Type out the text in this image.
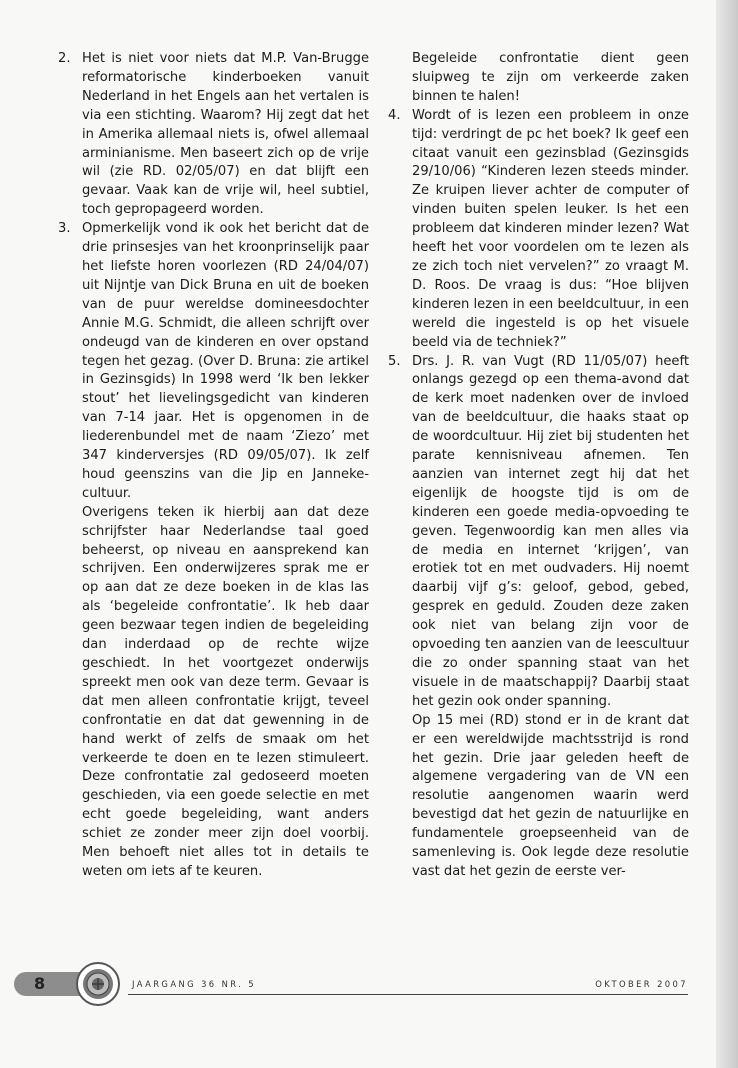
2. Het is niet voor niets dat M.P. Van-Brugge reformatorische kinderboeken vanuit Nederland in het Engels aan het vertalen is via een stichting. Waarom? Hij zegt dat het in Amerika allemaal niets is, ofwel allemaal arminianisme. Men baseert zich op de vrije wil (zie RD. 02/05/07) en dat blijft een gevaar. Vaak kan de vrije wil, heel subtiel, toch gepropageerd worden.

3. Opmerkelijk vond ik ook het bericht dat de drie prinsesjes van het kroonprinselijk paar het liefste horen voorlezen (RD 24/04/07) uit Nijntje van Dick Bruna en uit de boeken van de puur wereldse domineesdochter Annie M.G. Schmidt, die alleen schrijft over ondeugd van de kinderen en over opstand tegen het gezag. (Over D. Bruna: zie artikel in Gezinsgids) In 1998 werd ‘Ik ben lekker stout’ het lievelingsgedicht van kinderen van 7-14 jaar. Het is opgenomen in de liederenbundel met de naam ‘Ziezo’ met 347 kinderversjes (RD 09/05/07). Ik zelf houd geenszins van die Jip en Janneke-cultuur.

Overigens teken ik hierbij aan dat deze schrijfster haar Nederlandse taal goed beheerst, op niveau en aansprekend kan schrijven. Een onderwijzeres sprak me er op aan dat ze deze boeken in de klas las als ‘begeleide confrontatie’. Ik heb daar geen bezwaar tegen indien de begeleiding dan inderdaad op de rechte wijze geschiedt. In het voortgezet onderwijs spreekt men ook van deze term. Gevaar is dat men alleen confrontatie krijgt, teveel confrontatie en dat dat gewenning in de hand werkt of zelfs de smaak om het verkeerde te doen en te lezen stimuleert. Deze confrontatie zal gedoseerd moeten geschieden, via een goede selectie en met echt goede begeleiding, want anders schiet ze zonder meer zijn doel voorbij. Men behoeft niet alles tot in details te weten om iets af te keuren.

Begeleide confrontatie dient geen sluipweg te zijn om verkeerde zaken binnen te halen!

4. Wordt of is lezen een probleem in onze tijd: verdringt de pc het boek? Ik geef een citaat vanuit een gezinsblad (Gezinsgids 29/10/06) “Kinderen lezen steeds minder. Ze kruipen liever achter de computer of vinden buiten spelen leuker. Is het een probleem dat kinderen minder lezen? Wat heeft het voor voordelen om te lezen als ze zich toch niet vervelen?” zo vraagt M. D. Roos. De vraag is dus: “Hoe blijven kinderen lezen in een beeldcultuur, in een wereld die ingesteld is op het visuele beeld via de techniek?”

5. Drs. J. R. van Vugt (RD 11/05/07) heeft onlangs gezegd op een thema-avond dat de kerk moet nadenken over de invloed van de beeldcultuur, die haaks staat op de woordcultuur. Hij ziet bij studenten het parate kennisniveau afnemen. Ten aanzien van internet zegt hij dat het eigenlijk de hoogste tijd is om de kinderen een goede media-opvoeding te geven. Tegenwoordig kan men alles via de media en internet ‘krijgen’, van erotiek tot en met oudvaders. Hij noemt daarbij vijf g’s: geloof, gebod, gebed, gesprek en geduld. Zouden deze zaken ook niet van belang zijn voor de opvoeding ten aanzien van de leescultuur die zo onder spanning staat van het visuele in de maatschappij? Daarbij staat het gezin ook onder spanning.

Op 15 mei (RD) stond er in de krant dat er een wereldwijde machtsstrijd is rond het gezin. Drie jaar geleden heeft de algemene vergadering van de VN een resolutie aangenomen waarin werd bevestigd dat het gezin de natuurlijke en fundamentele groepseenheid van de samenleving is. Ook legde deze resolutie vast dat het gezin de eerste ver-

8	JAARGANG 36 NR. 5	OKTOBER 2007
